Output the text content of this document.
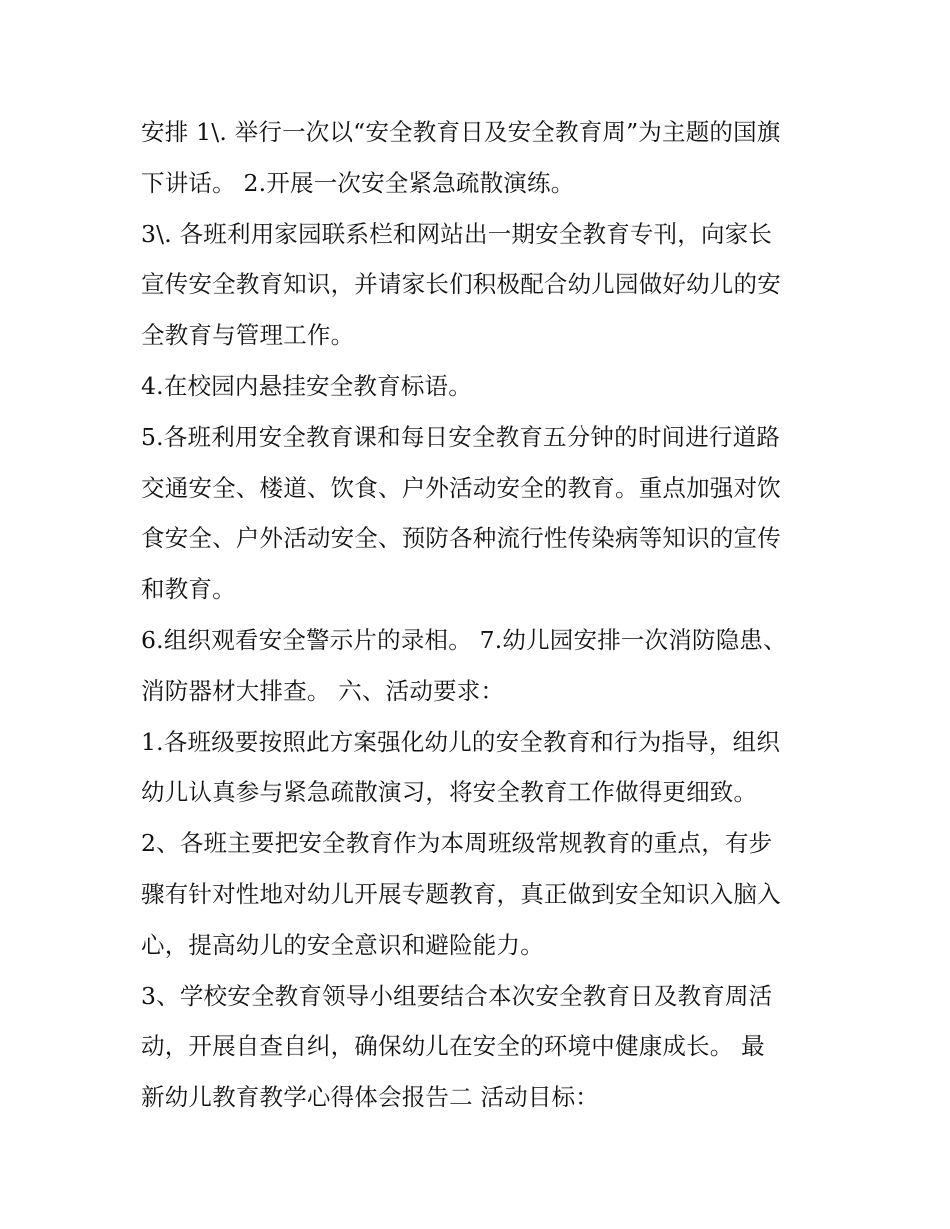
安排 1\. 举行一次以“安全教育日及安全教育周”为主题的国旗
下讲话。 2.开展一次安全紧急疏散演练。
3\. 各班利用家园联系栏和网站出一期安全教育专刊，向家长
宣传安全教育知识，并请家长们积极配合幼儿园做好幼儿的安
全教育与管理工作。
4.在校园内悬挂安全教育标语。
5.各班利用安全教育课和每日安全教育五分钟的时间进行道路
交通安全、楼道、饮食、户外活动安全的教育。重点加强对饮
食安全、户外活动安全、预防各种流行性传染病等知识的宣传
和教育。
6.组织观看安全警示片的录相。 7.幼儿园安排一次消防隐患、
消防器材大排查。 六、活动要求：
1.各班级要按照此方案强化幼儿的安全教育和行为指导，组织
幼儿认真参与紧急疏散演习，将安全教育工作做得更细致。
2、各班主要把安全教育作为本周班级常规教育的重点，有步
骤有针对性地对幼儿开展专题教育，真正做到安全知识入脑入
心，提高幼儿的安全意识和避险能力。
3、学校安全教育领导小组要结合本次安全教育日及教育周活
动，开展自查自纠，确保幼儿在安全的环境中健康成长。 最
新幼儿教育教学心得体会报告二 活动目标：
